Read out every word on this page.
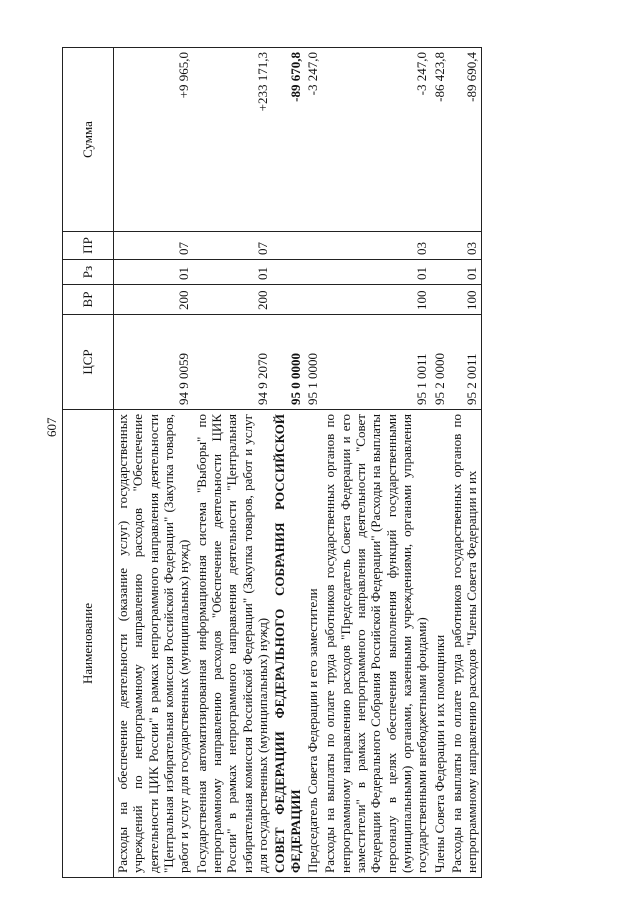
607
Наименование	ЦСР	ВР	Рз	ПР	Сумма
Расходы на обеспечение деятельности (оказание услуг) государственных учреждений по непрограммному направлению расходов "Обеспечение деятельности ЦИК России" в рамках непрограммного направления деятельности "Центральная избирательная комиссия Российской Федерации" (Закупка товаров, работ и услуг для государственных (муниципальных) нужд)	94 9 0059	200	01	07	+9 965,0
Государственная автоматизированная информационная система "Выборы" по непрограммному направлению расходов "Обеспечение деятельности ЦИК России" в рамках непрограммного направления деятельности "Центральная избирательная комиссия Российской Федерации" (Закупка товаров, работ и услуг для государственных (муниципальных) нужд)	94 9 2070	200	01	07	+233 171,3
СОВЕТ ФЕДЕРАЦИИ ФЕДЕРАЛЬНОГО СОБРАНИЯ РОССИЙСКОЙ ФЕДЕРАЦИИ	95 0 0000				-89 670,8
Председатель Совета Федерации и его заместители	95 1 0000				-3 247,0
Расходы на выплаты по оплате труда работников государственных органов по непрограммному направлению расходов "Председатель Совета Федерации и его заместители" в рамках непрограммного направления деятельности "Совет Федерации Федерального Собрания Российской Федерации" (Расходы на выплаты персоналу в целях обеспечения выполнения функций государственными (муниципальными) органами, казенными учреждениями, органами управления государственными внебюджетными фондами)	95 1 0011	100	01	03	-3 247,0
Члены Совета Федерации и их помощники	95 2 0000				-86 423,8
Расходы на выплаты по оплате труда работников государственных органов по непрограммному направлению расходов "Члены Совета Федерации и их	95 2 0011	100	01	03	-89 690,4
